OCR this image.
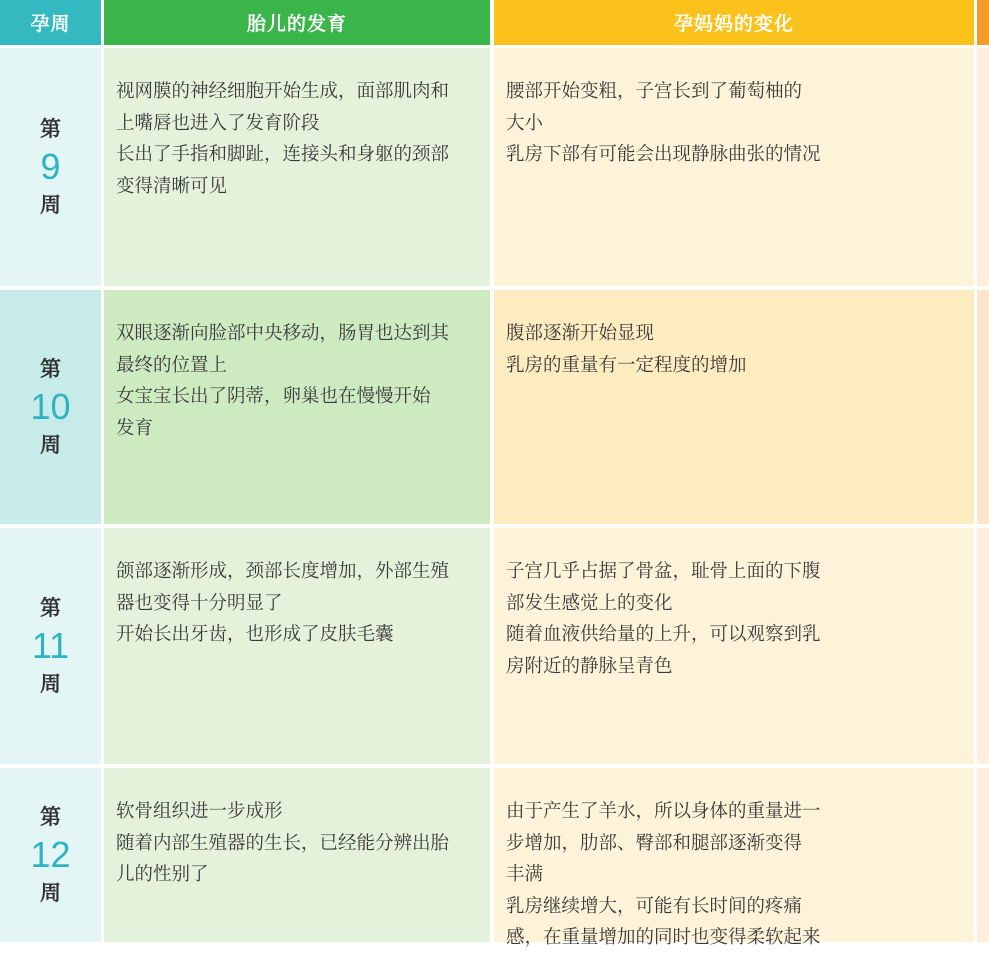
孕周	胎儿的发育	孕妈妈的变化
第
9
周
视网膜的神经细胞开始生成，面部肌肉和
上嘴唇也进入了发育阶段
长出了手指和脚趾，连接头和身躯的颈部
变得清晰可见
腰部开始变粗，子宫长到了葡萄柚的
大小
乳房下部有可能会出现静脉曲张的情况
第
10
周
双眼逐渐向脸部中央移动，肠胃也达到其
最终的位置上
女宝宝长出了阴蒂，卵巢也在慢慢开始
发育
腹部逐渐开始显现
乳房的重量有一定程度的增加
第
11
周
颌部逐渐形成，颈部长度增加，外部生殖
器也变得十分明显了
开始长出牙齿，也形成了皮肤毛囊
子宫几乎占据了骨盆，耻骨上面的下腹
部发生感觉上的变化
随着血液供给量的上升，可以观察到乳
房附近的静脉呈青色
第
12
周
软骨组织进一步成形
随着内部生殖器的生长，已经能分辨出胎
儿的性别了
由于产生了羊水，所以身体的重量进一
步增加，肋部、臀部和腿部逐渐变得
丰满
乳房继续增大，可能有长时间的疼痛
感，在重量增加的同时也变得柔软起来
